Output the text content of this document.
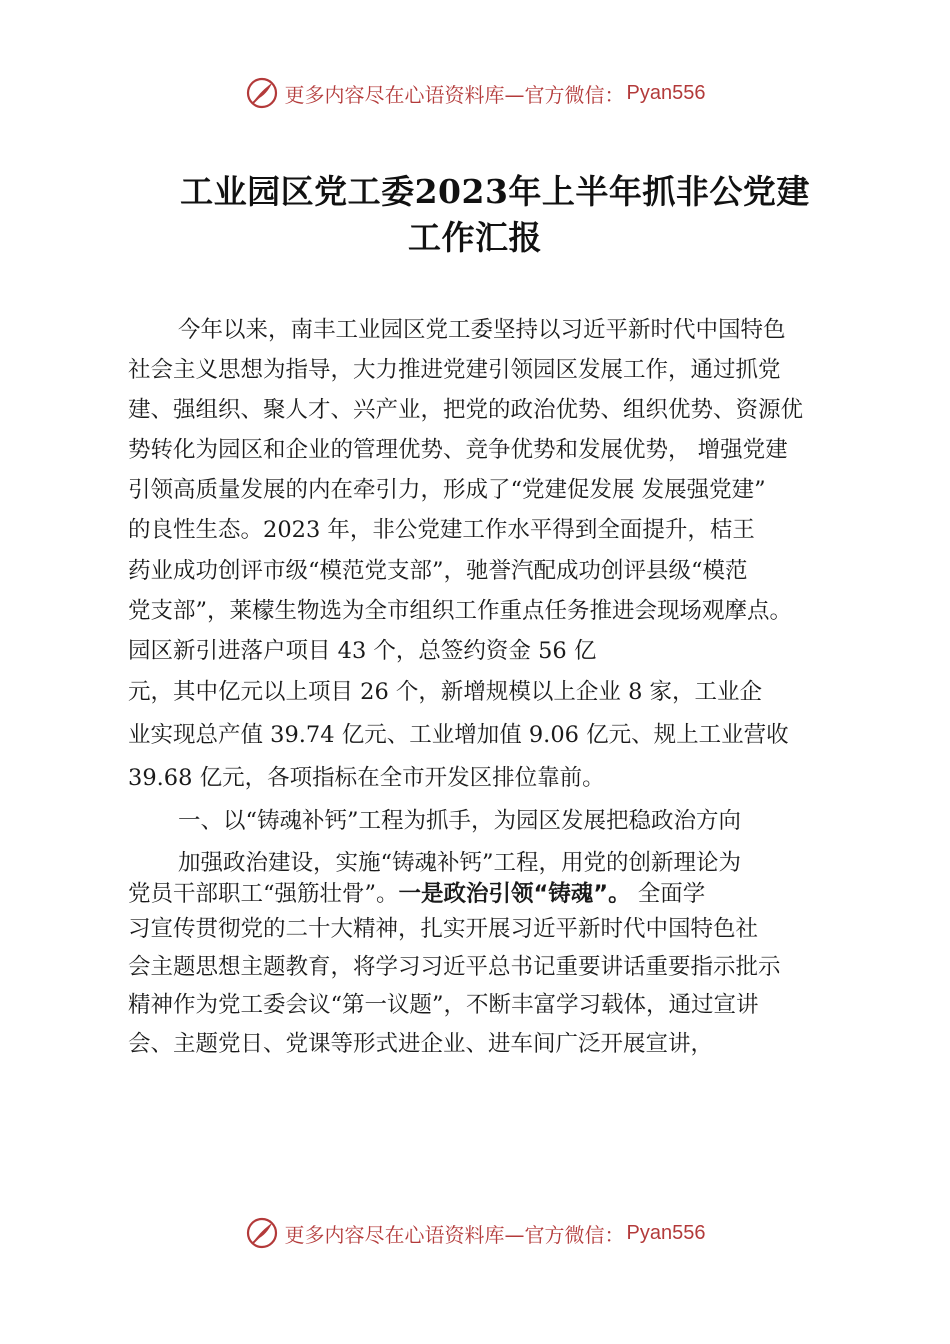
更多内容尽在心语资料库—官方微信： Pyan556
工业园区党工委2023年上半年抓非公党建
工作汇报
今年以来，南丰工业园区党工委坚持以习近平新时代中国特色
社会主义思想为指导，大力推进党建引领园区发展工作，通过抓党
建、强组织、聚人才、兴产业，把党的政治优势、组织优势、资源优
势转化为园区和企业的管理优势、竞争优势和发展优势， 增强党建
引领高质量发展的内在牵引力，形成了“党建促发展 发展强党建”
的良性生态。2023 年，非公党建工作水平得到全面提升，桔王
药业成功创评市级“模范党支部”，驰誉汽配成功创评县级“模范
党支部”，莱檬生物选为全市组织工作重点任务推进会现场观摩点。
园区新引进落户项目 43 个，总签约资金 56 亿
元，其中亿元以上项目 26 个，新增规模以上企业 8 家，工业企
业实现总产值 39.74 亿元、工业增加值 9.06 亿元、规上工业营收
39.68 亿元，各项指标在全市开发区排位靠前。
一、以“铸魂补钙”工程为抓手，为园区发展把稳政治方向
加强政治建设，实施“铸魂补钙”工程，用党的创新理论为
党员干部职工“强筋壮骨”。一是政治引领“铸魂”。 全面学
习宣传贯彻党的二十大精神，扎实开展习近平新时代中国特色社
会主题思想主题教育，将学习习近平总书记重要讲话重要指示批示
精神作为党工委会议“第一议题”，不断丰富学习载体，通过宣讲
会、主题党日、党课等形式进企业、进车间广泛开展宣讲，
更多内容尽在心语资料库—官方微信： Pyan556
